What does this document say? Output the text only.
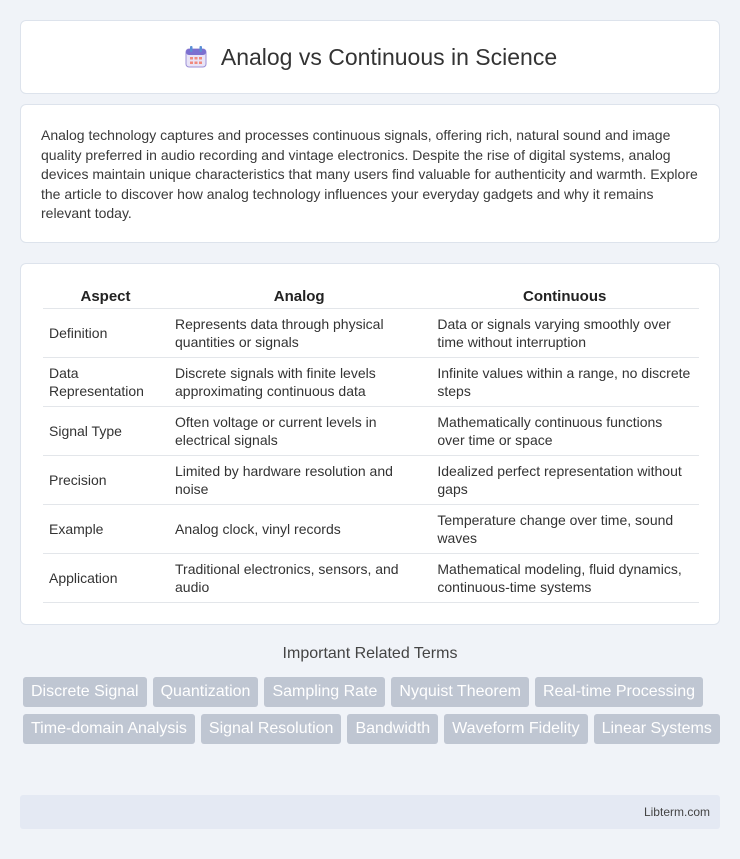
Analog vs Continuous in Science

Analog technology captures and processes continuous signals, offering rich, natural sound and image quality preferred in audio recording and vintage electronics. Despite the rise of digital systems, analog devices maintain unique characteristics that many users find valuable for authenticity and warmth. Explore the article to discover how analog technology influences your everyday gadgets and why it remains relevant today.

Aspect	Analog	Continuous
Definition	Represents data through physical quantities or signals	Data or signals varying smoothly over time without interruption
Data Representation	Discrete signals with finite levels approximating continuous data	Infinite values within a range, no discrete steps
Signal Type	Often voltage or current levels in electrical signals	Mathematically continuous functions over time or space
Precision	Limited by hardware resolution and noise	Idealized perfect representation without gaps
Example	Analog clock, vinyl records	Temperature change over time, sound waves
Application	Traditional electronics, sensors, and audio	Mathematical modeling, fluid dynamics, continuous-time systems
Important Related Terms
Discrete Signal	Quantization	Sampling Rate	Nyquist Theorem	Real-time Processing
Time-domain Analysis	Signal Resolution	Bandwidth	Waveform Fidelity	Linear Systems
Libterm.com
